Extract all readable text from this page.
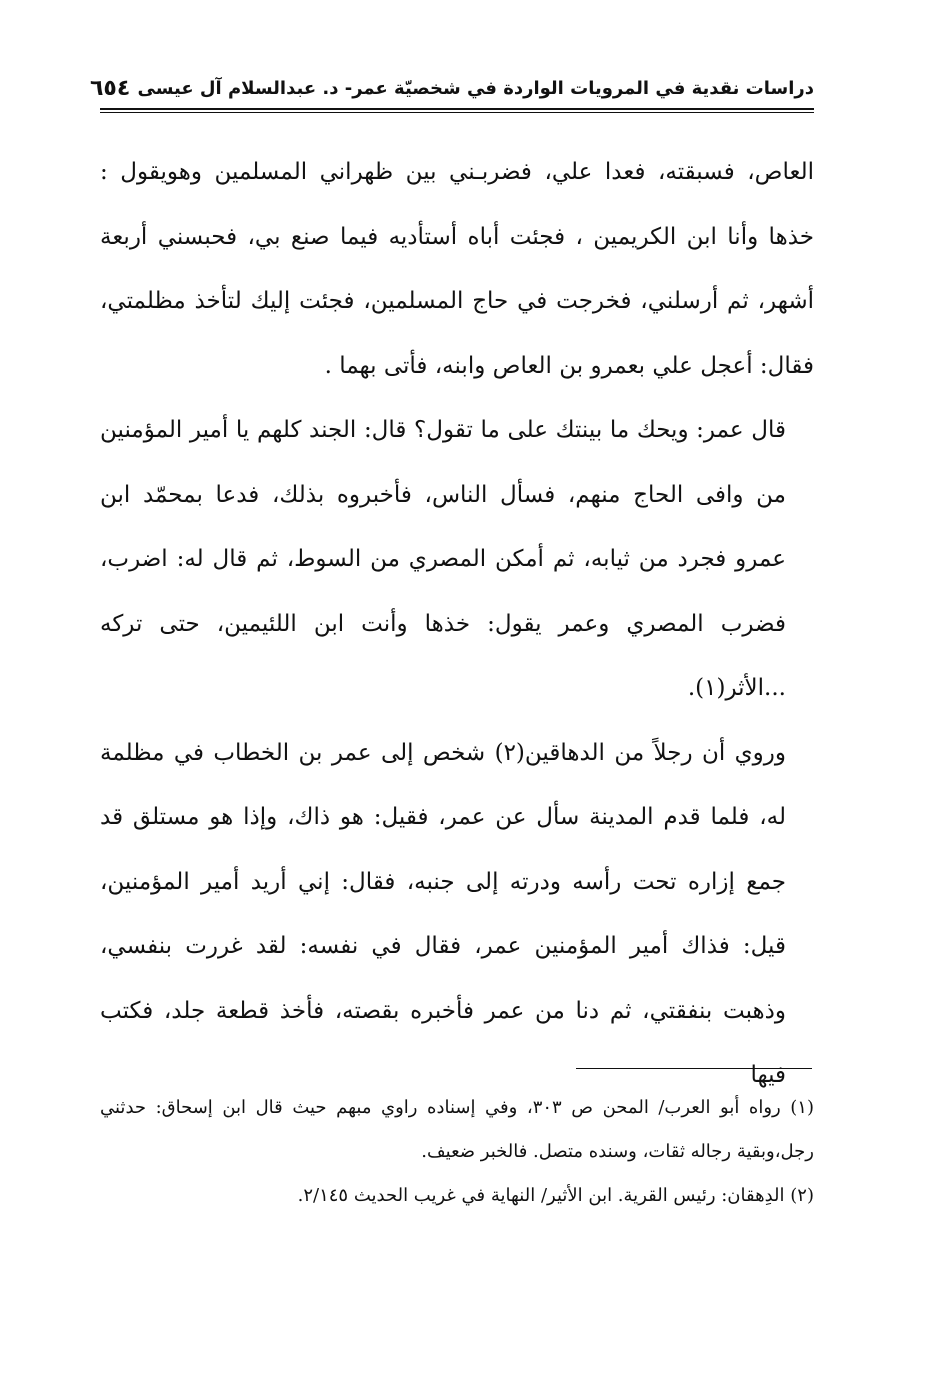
دراسات نقدية في المرويات الواردة في شخصيّة عمر- د. عبدالسلام آل عيسى
٦٥٤

العاص، فسبقته، فعدا علي، فضربـني بين ظهراني المسلمين وهويقول : خذها وأنا ابن الكريمين ، فجئت أباه أستأديه فيما صنع بي، فحبسني أربعة أشهر، ثم أرسلني، فخرجت في حاج المسلمين، فجئت إليك لتأخذ مظلمتي، فقال: أعجل علي بعمرو بن العاص وابنه، فأتى بهما .

قال عمر: ويحك ما بينتك على ما تقول؟ قال: الجند كلهم يا أمير المؤمنين من وافى الحاج منهم، فسأل الناس، فأخبروه بذلك، فدعا بمحمّد ابن عمرو فجرد من ثيابه، ثم أمكن المصري من السوط، ثم قال له: اضرب، فضرب المصري وعمر يقول: خذها وأنت ابن اللئيمين، حتى تركه ...الأثر(١).

وروي أن رجلاً من الدهاقين(٢) شخص إلى عمر بن الخطاب في مظلمة له، فلما قدم المدينة سأل عن عمر، فقيل: هو ذاك، وإذا هو مستلق قد جمع إزاره تحت رأسه ودرته إلى جنبه، فقال: إني أريد أمير المؤمنين، قيل: فذاك أمير المؤمنين عمر، فقال في نفسه: لقد غررت بنفسي، وذهبت بنفقتي، ثم دنا من عمر فأخبره بقصته، فأخذ قطعة جلد، فكتب فيها

(١) رواه أبو العرب/ المحن ص ٣٠٣، وفي إسناده راوي مبهم حيث قال ابن إسحاق: حدثني رجل،وبقية رجاله ثقات، وسنده متصل. فالخبر ضعيف.

(٢) الدِهقان: رئيس القرية. ابن الأثير/ النهاية في غريب الحديث ٢/١٤٥.
